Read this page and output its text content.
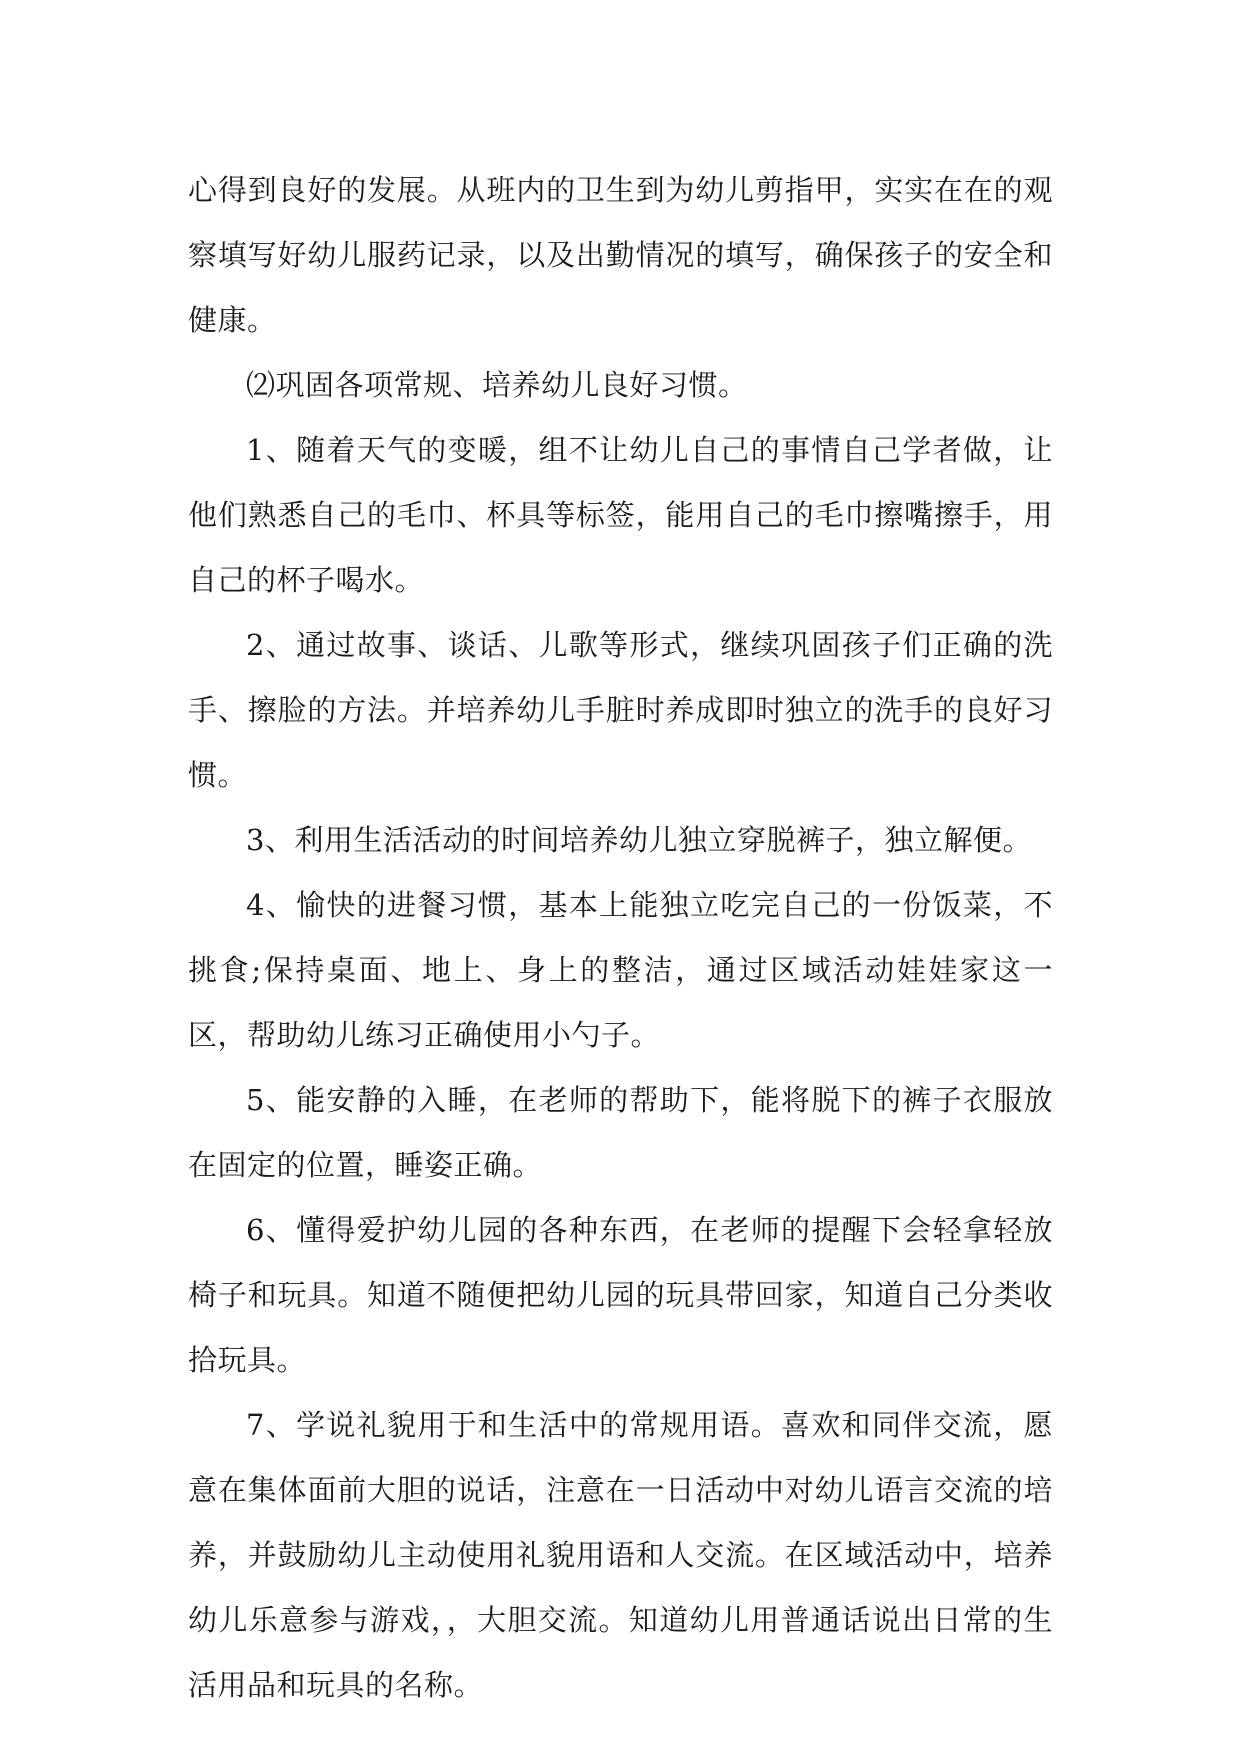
心得到良好的发展。从班内的卫生到为幼儿剪指甲，实实在在的观察填写好幼儿服药记录，以及出勤情况的填写，确保孩子的安全和健康。

⑵巩固各项常规、培养幼儿良好习惯。

1、随着天气的变暖，组不让幼儿自己的事情自己学者做，让他们熟悉自己的毛巾、杯具等标签，能用自己的毛巾擦嘴擦手，用自己的杯子喝水。

2、通过故事、谈话、儿歌等形式，继续巩固孩子们正确的洗手、擦脸的方法。并培养幼儿手脏时养成即时独立的洗手的良好习惯。

3、利用生活活动的时间培养幼儿独立穿脱裤子，独立解便。

4、愉快的进餐习惯，基本上能独立吃完自己的一份饭菜，不挑食;保持桌面、地上、身上的整洁，通过区域活动娃娃家这一区，帮助幼儿练习正确使用小勺子。

5、能安静的入睡，在老师的帮助下，能将脱下的裤子衣服放在固定的位置，睡姿正确。

6、懂得爱护幼儿园的各种东西，在老师的提醒下会轻拿轻放椅子和玩具。知道不随便把幼儿园的玩具带回家，知道自己分类收拾玩具。

7、学说礼貌用于和生活中的常规用语。喜欢和同伴交流，愿意在集体面前大胆的说话，注意在一日活动中对幼儿语言交流的培养，并鼓励幼儿主动使用礼貌用语和人交流。在区域活动中，培养幼儿乐意参与游戏，，大胆交流。知道幼儿用普通话说出日常的生活用品和玩具的名称。
